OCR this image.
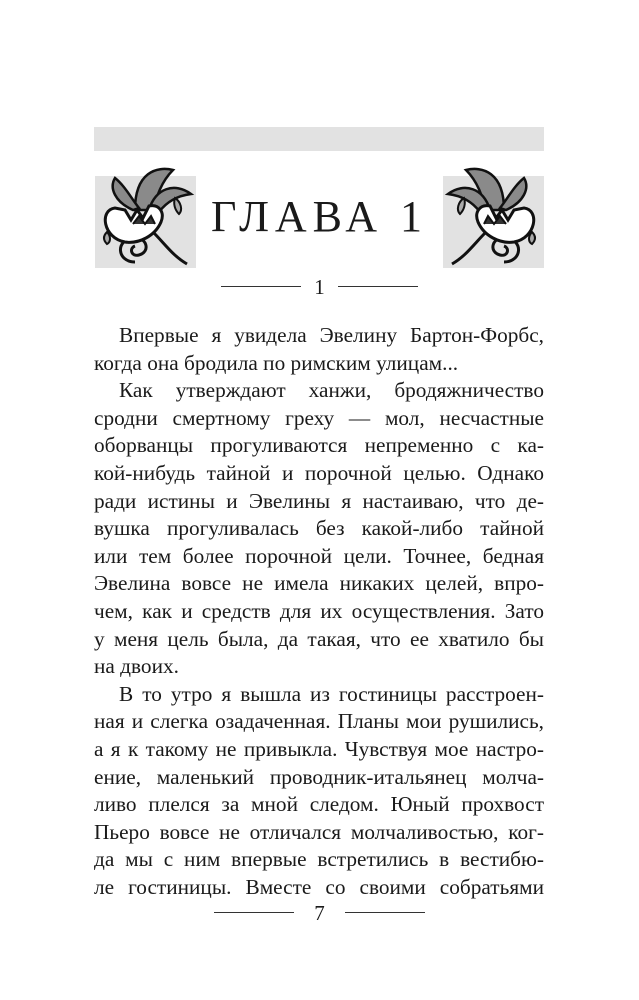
ГЛАВА 1
1
Впервые я увидела Эвелину Бартон-Форбс,
когда она бродила по римским улицам...
Как утверждают ханжи, бродяжничество
сродни смертному греху — мол, несчастные
оборванцы прогуливаются непременно с ка-
кой-нибудь тайной и порочной целью. Однако
ради истины и Эвелины я настаиваю, что де-
вушка прогуливалась без какой-либо тайной
или тем более порочной цели. Точнее, бедная
Эвелина вовсе не имела никаких целей, впро-
чем, как и средств для их осуществления. Зато
у меня цель была, да такая, что ее хватило бы
на двоих.
В то утро я вышла из гостиницы расстроен-
ная и слегка озадаченная. Планы мои рушились,
а я к такому не привыкла. Чувствуя мое настро-
ение, маленький проводник-итальянец молча-
ливо плелся за мной следом. Юный прохвост
Пьеро вовсе не отличался молчаливостью, ког-
да мы с ним впервые встретились в вестибю-
ле гостиницы. Вместе со своими собратьями
7
